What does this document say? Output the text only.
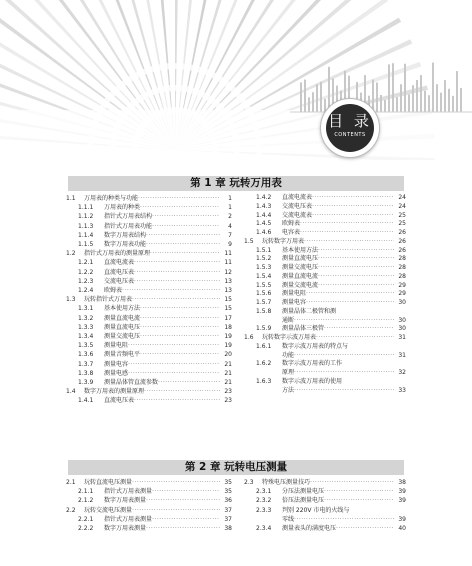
目 录
CONTENTS
第 1 章 玩转万用表
1.1	万用表的种类与功能 ·····	1
1.1.1	万用表的种类 ·····	1
1.1.2	指针式万用表结构 ·····	2
1.1.3	指针式万用表功能 ·····	4
1.1.4	数字万用表结构 ·····	7
1.1.5	数字万用表功能 ·····	9
1.2	指针式万用表的测量原理 ·····	11
1.2.1	直流电流表 ·····	11
1.2.2	直流电压表 ·····	12
1.2.3	交流电压表 ·····	13
1.2.4	欧姆表 ·····	13
1.3	玩转指针式万用表 ·····	15
1.3.1	基本使用方法 ·····	15
1.3.2	测量直流电流 ·····	17
1.3.3	测量直流电压 ·····	18
1.3.4	测量交流电压 ·····	19
1.3.5	测量电阻 ·····	19
1.3.6	测量音频电平 ·····	20
1.3.7	测量电容 ·····	21
1.3.8	测量电感 ·····	21
1.3.9	测量晶体管直流参数 ·····	21
1.4	数字万用表的测量原理 ·····	23
1.4.1	直流电压表 ·····	23
1.4.2	直流电流表 ·····	24
1.4.3	交流电压表 ·····	24
1.4.4	交流电流表 ·····	25
1.4.5	欧姆表 ·····	25
1.4.6	电容表 ·····	26
1.5	玩转数字万用表 ·····	26
1.5.1	基本使用方法 ·····	26
1.5.2	测量直流电压 ·····	28
1.5.3	测量交流电压 ·····	28
1.5.4	测量直流电流 ·····	28
1.5.5	测量交流电流 ·····	29
1.5.6	测量电阻 ·····	29
1.5.7	测量电容 ·····	30
1.5.8	测量晶体二极管和测
通断 ·····	30
1.5.9	测量晶体三极管 ·····	30
1.6	玩转数字示波万用表 ·····	31
1.6.1	数字示波万用表的特点与
功能 ·····	31
1.6.2	数字示波万用表的工作
原理 ·····	32
1.6.3	数字示波万用表的使用
方法 ·····	33
第 2 章 玩转电压测量
2.1	玩转直流电压测量 ·····	35
2.1.1	指针式万用表测量 ·····	35
2.1.2	数字万用表测量 ·····	36
2.2	玩转交流电压测量 ·····	37
2.2.1	指针式万用表测量 ·····	37
2.2.2	数字万用表测量 ·····	38
2.3	特殊电压测量技巧 ·····	38
2.3.1	分压法测量电压 ·····	39
2.3.2	倍压法测量电压 ·····	39
2.3.3	判别 220V 市电的火线与
零线 ·····	39
2.3.4	测量表头的满度电压 ·····	40
